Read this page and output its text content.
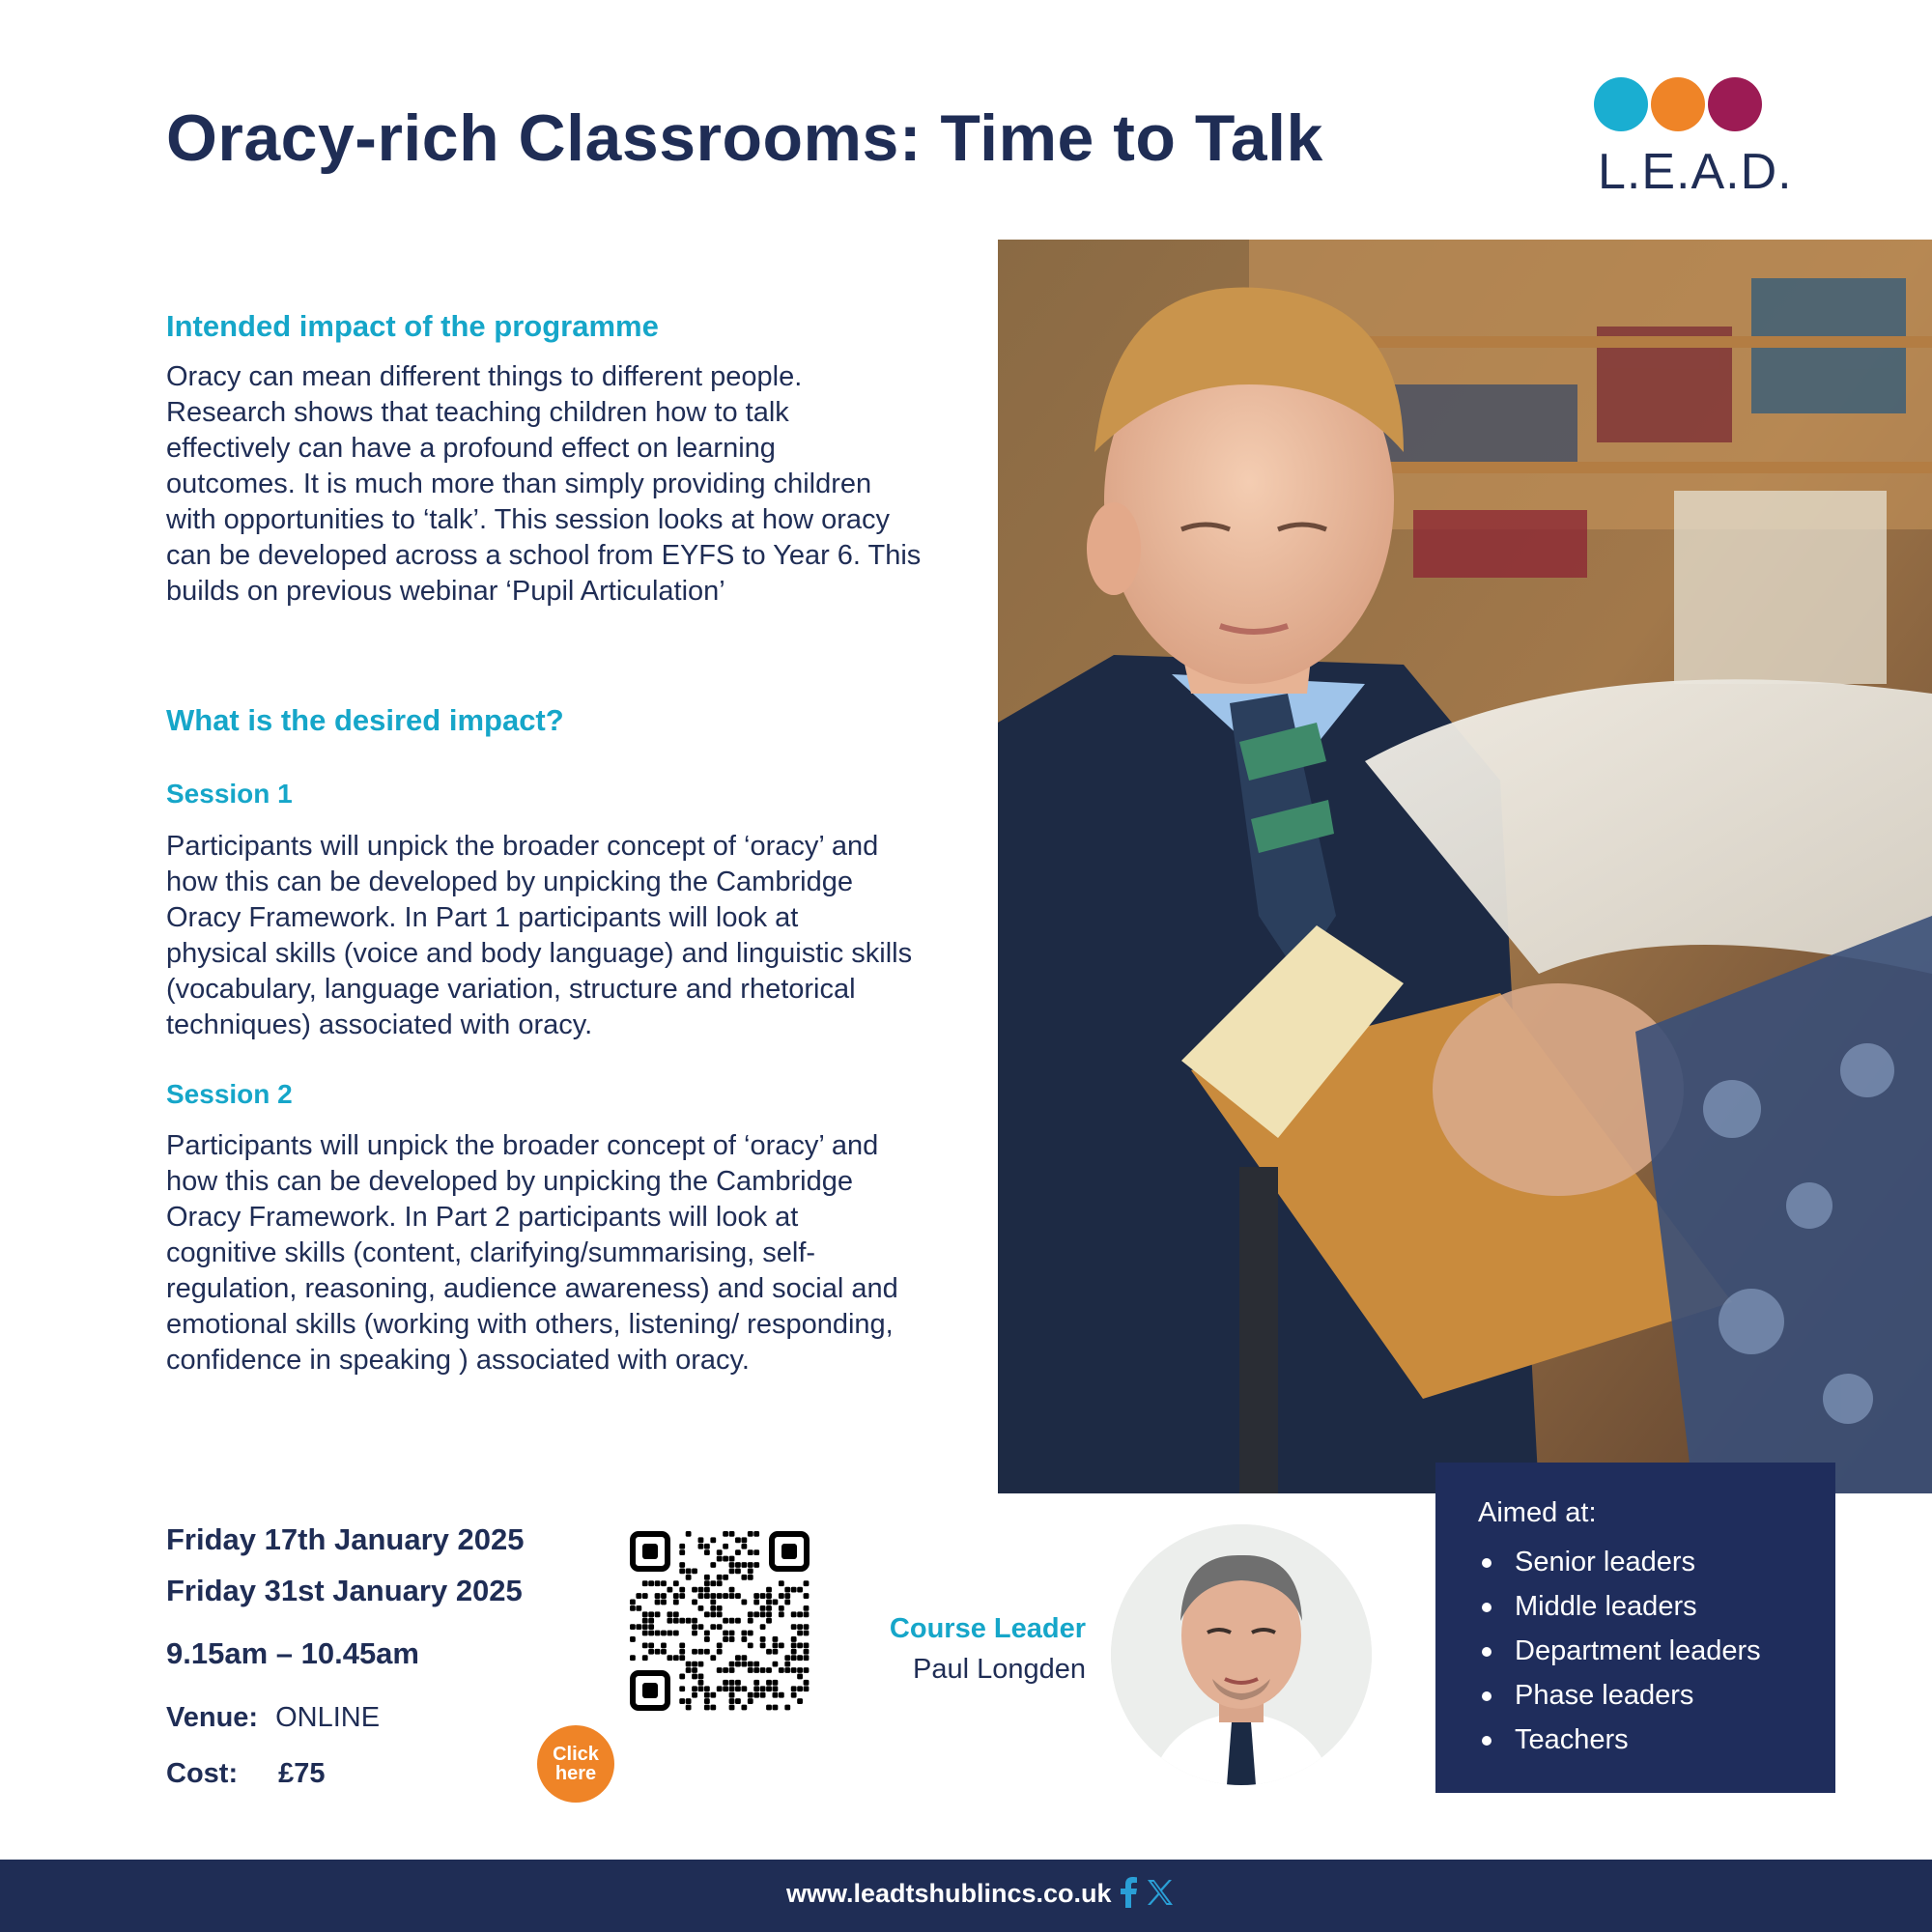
Oracy-rich Classrooms: Time to Talk	L.E.A.D.
Intended impact of the programme
Oracy can mean different things to different people.
Research shows that teaching children how to talk
effectively can have a profound effect on learning
outcomes. It is much more than simply providing children
with opportunities to ‘talk’. This session looks at how oracy
can be developed across a school from EYFS to Year 6. This
builds on previous webinar ‘Pupil Articulation’
What is the desired impact?
Session 1
Participants will unpick the broader concept of ‘oracy’ and
how this can be developed by unpicking the Cambridge
Oracy Framework. In Part 1 participants will look at
physical skills (voice and body language) and linguistic skills
(vocabulary, language variation, structure and rhetorical
techniques) associated with oracy.
Session 2
Participants will unpick the broader concept of ‘oracy’ and
how this can be developed by unpicking the Cambridge
Oracy Framework. In Part 2 participants will look at
cognitive skills (content, clarifying/summarising, self-
regulation, reasoning, audience awareness) and social and
emotional skills (working with others, listening/ responding,
confidence in speaking ) associated with oracy.
Friday 17th January 2025
Friday 31st January 2025
9.15am – 10.45am
Venue: ONLINE
Cost: £75
Click
here
Course Leader
Paul Longden
Aimed at:
Senior leaders
Middle leaders
Department leaders
Phase leaders
Teachers
www.leadtshublincs.co.uk
